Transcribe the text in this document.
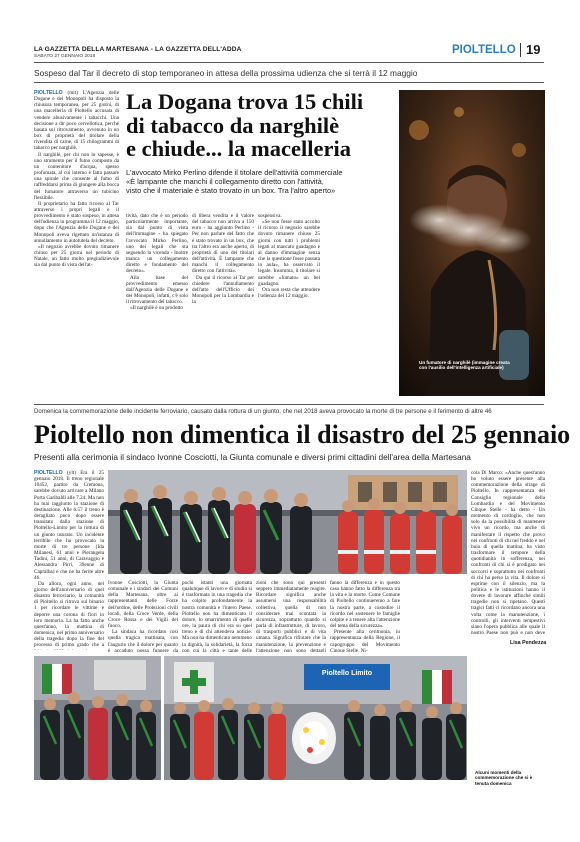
LA GAZZETTA DELLA MARTESANA - LA GAZZETTA DELL'ADDA
SABATO 27 GENNAIO 2018
PIOLTELLO 19
Sospeso dal Tar il decreto di stop temporaneo in attesa della prossima udienza che si terrà il 12 maggio

PIOLTELLO (mit) L'Agenzia delle Dogane e dei Monopoli ha disposto la chiusura temporanea, per 25 giorni, di una macelleria di Pioltello accusata di vendere abusivamente i tabacchi. Una decisione a dir poco cervellotica, perché basata sul ritrovamento, avvenuto in un box di proprietà del titolare della rivendita di carne, di 15 chilogrammi di tabacco per narghilè.

Il narghilè, per chi non lo sapesse, è uno strumento per il fumo composto da un contenitore d'acqua, spesso profumata, al cui interno è fatta passare una spirale che consente al fumo di raffreddarsi prima di giungere alla bocca del fumatore attraverso un tubicino flessibile.

Il proprietario ha fatto ricorso al Tar attraverso i propri legali e il provvedimento è stato sospeso, in attesa dell'udienza in programma il 12 maggio, dopo che l'Agenzia delle Dogane e dei Monopoli aveva rigettato un'istanza di annullamento in autotutela del decreto.

«Il negozio avrebbe dovuto rimanere chiuso per 25 giorni nel periodo di Natale, un fatto molto pregiudizievole sia dal punto di vista dell'at-

La Dogana trova 15 chili
di tabacco da narghilè
e chiude... la macelleria
L'avvocato Mirko Perlino difende il titolare dell'attività commerciale
«È lampante che manchi il collegamento diretto con l'attività,
visto che il materiale è stato trovato in un box. Tra l'altro aperto»

tività, dato che è un periodo particolarmente importante, sia dal punto di vista dell'immagine - ha spiegato l'avvocato Mirko Perlino, uno dei legali che sta seguendo la vicenda - Inoltre manca un collegamento diretto e fondamento del decreto».

Alla base del provvedimento emesso dall'Agenzia delle Dogane e dei Monopoli, infatti, c'è solo il ritrovamento del tabacco.

«Il narghilè è un prodotto

di libera vendita e il valore del tabacco non arriva a 150 euro - ha aggiunto Perlino - Per non parlare del fatto che è stato trovato in un box, che tra l'altro era anche aperto, di proprietà di uno dei titolari dell'attività. È lampante che manchi il collegamento diretto con l'attività».

Da qui il ricorso al Tar per chiedere l'annullamento dell'atto dell'Ufficio dei Monopoli per la Lombardia e la

sospensiva.

«Se non fosse stato accolto il ricorso il negozio sarebbe dovuto rimanere chiuso 25 giorni con tutti i problemi legati al mancato guadagno e al danno d'immagine senza che la questione fosse passata in aula», ha osservato il legale. Insomma, il titolare si sarebbe «fumato» un bel guadagno.

Ora non resta che attendere l'udienza del 12 maggio.

Un fumatore di narghilè (immagine creata con l'ausilio dell'intelligenza artificiale)
Domenica la commemorazione delle incidente ferroviario, causato dalla rottura di un giunto, che nel 2018 aveva provocato la morte di tre persone e il ferimento di altre 46
Pioltello non dimentica il disastro del 25 gennaio
Presenti alla cerimonia il sindaco Ivonne Cosciotti, la Giunta comunale e diversi primi cittadini dell'area della Martesana

PIOLTELLO (ylt) Era il 25 gennaio 2018. Il treno regionale 10452, partito da Cremona, sarebbe dovuto arrivare a Milano Porta Garibaldi alle 7.24. Ma non ha mai raggiunto la stazione di destinazione. Alle 6.57 il treno è deragliato poco dopo essere transitato dalla stazione di Pioltello-Limito per la rottura di un giunto usurato. Un incidente terribile che ha provocato la morte di tre persone (Ida Milanesi, 61 anni e Pierangela Tadini, 51 anni, di Caravaggio e Alessandra Pirri, 39enne di Capralba) e che ne ha ferite altre 46.

Da allora, ogni anno, nel giorno dell'anniversario di quel disastro ferroviario, la comunità di Pioltello si ritrova sul binario 1 per ricordare le vittime e deporre una corona di fiori in loro memoria. La ha fatto anche quest'anno, la mattina di domenica, nel primo anniversario della tragedia dopo la fine del processo di primo grado che a

Ivonne Cosciotti, la Giunta comunale e i sindaci dei Comuni della Martesana, oltre ai rappresentanti delle Forze dell'ordine, delle Protezioni civili locali, della Croce Verde, della Croce Rossa e dei Vigili del fuoco.

La sindaca ha ricordato così quella tragica mattinata, con l'augurio che il dolore per quanto è accaduto possa fungere da

pochi istanti una giornata qualunque di lavoro e di studio si è trasformata in una tragedia che ha colpito profondamente la nostra comunità e l'intero Paese. Pioltello non ha dimenticato il dolore, lo smarrimento di quelle ore, la paura di chi era su quel treno e di chi attendeva notizie. Ma non ha dimenticato nemmeno la dignità, la solidarietà, la forza con cui la città e tante delle

zioni che sono qui presenti seppero immediatamente reagire. Ricordare significa anche assumersi una responsabilità collettiva, quella di non considerare mai scontata la sicurezza, soprattutto quando si parla di infrastrutture, di lavoro, di trasporti pubblici e di vita umana. Significa rifiutare che la manutenzione, la prevenzione e l'attenzione non sono dettagli

fanno la differenza e in questo caso hanno fatto la differenza tra la vita e la morte. Come Comune di Pioltello continueremo a fare la nostra parte, a custodire il ricordo nel sostenere le famiglie colpite e a tenere alta l'attenzione del tema della sicurezza».

Presente alla cerimonia, in rappresentanza della Regione, il capogruppo del Movimento Cinque Stelle, Ni-

cola Di Marco: «Anche quest'anno ho voluto essere presente alla commemorazione della strage di Pioltello. In rappresentanza del Consiglio regionale della Lombardia e del Movimento Cinque Stelle - ha detto - Un momento di cordoglio, che non solo da la possibilità di mantenere vivo un ricordo, ma anche di manifestare il rispetto che provo nei confronti di chi nel freddo e nel buio di quella mattina, ha visto trasformare il tempore della quotidianità in sofferenza, nei confronti di chi si è prodigato nei soccorsi e soprattutto nei confronti di chi ha perso la vita. Il dolore si esprime con il silenzio, ma la politica e le istituzioni hanno il dovere di lavorare affinché simili tragedie non si ripetano. Questi tragici fatti ci ricordano ancora una volta come la manutenzione, i controlli, gli interventi tempestivi siano l'opera pubblica alle quale il nostro Paese non può e non deve

Lisa Pendezza
Pioltello Limito
Alcuni momenti della commemorazione che si è tenuta domenica
